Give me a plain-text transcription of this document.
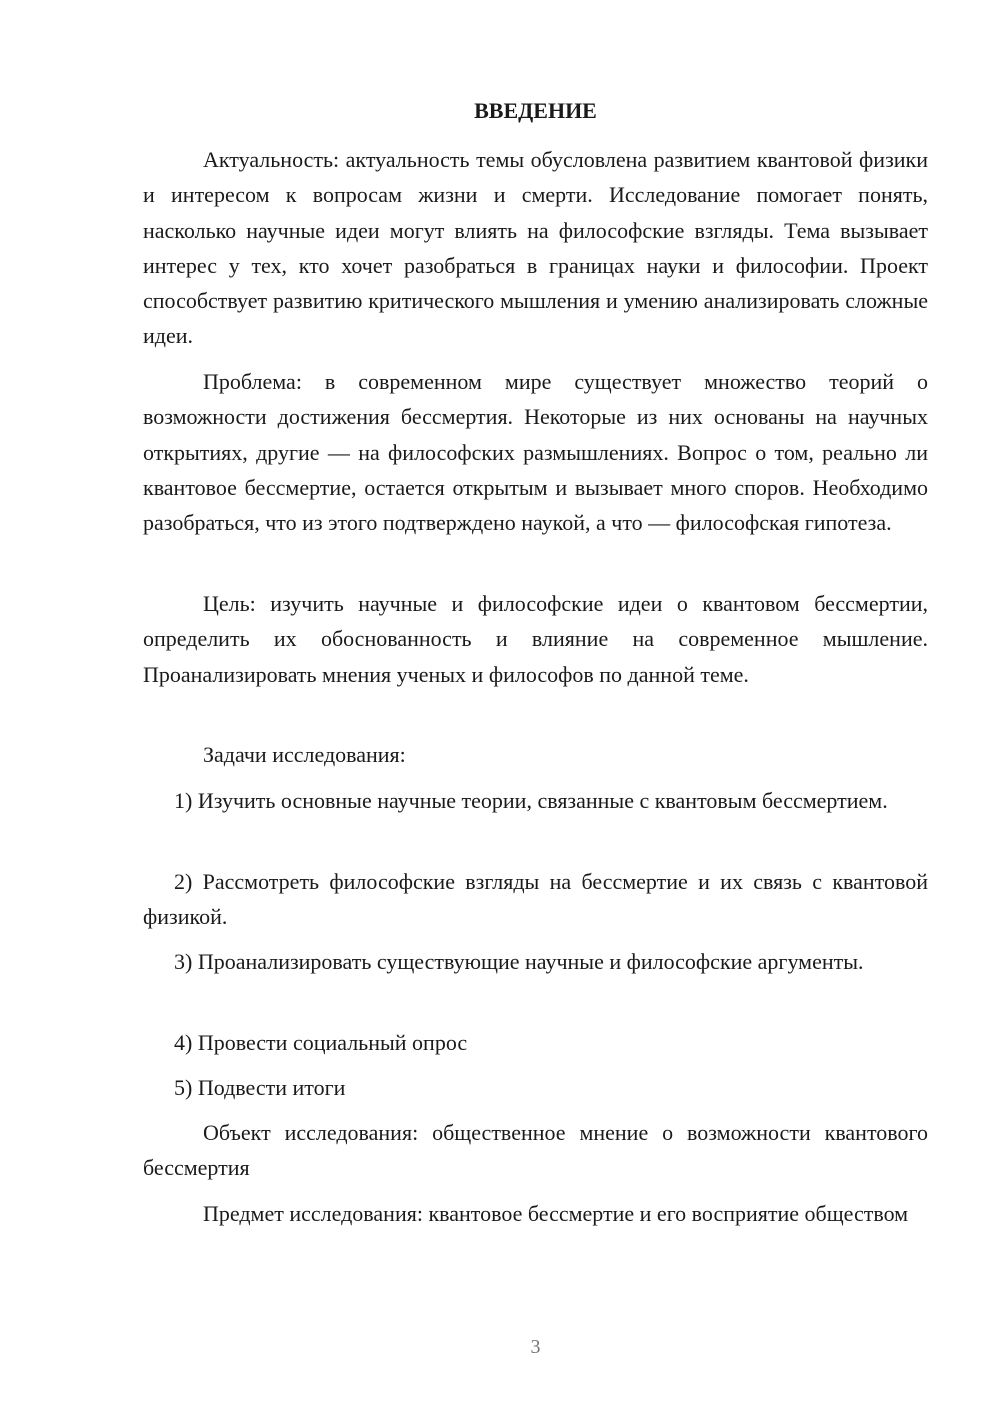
ВВЕДЕНИЕ

Актуальность: актуальность темы обусловлена развитием квантовой физики и интересом к вопросам жизни и смерти. Исследование помогает понять, насколько научные идеи могут влиять на философские взгляды. Тема вызывает интерес у тех, кто хочет разобраться в границах науки и философии. Проект способствует развитию критического мышления и умению анализировать сложные идеи.

Проблема: в современном мире существует множество теорий о возможности достижения бессмертия. Некоторые из них основаны на научных открытиях, другие — на философских размышлениях. Вопрос о том, реально ли квантовое бессмертие, остается открытым и вызывает много споров. Необходимо разобраться, что из этого подтверждено наукой, а что — философская гипотеза.

Цель: изучить научные и философские идеи о квантовом бессмертии, определить их обоснованность и влияние на современное мышление. Проанализировать мнения ученых и философов по данной теме.

Задачи исследования:

1) Изучить основные научные теории, связанные с квантовым бессмертием.

2) Рассмотреть философские взгляды на бессмертие и их связь с квантовой физикой.

3) Проанализировать существующие научные и философские аргументы.

4) Провести социальный опрос

5) Подвести итоги

Объект исследования: общественное мнение о возможности квантового бессмертия

Предмет исследования: квантовое бессмертие и его восприятие обществом

3
